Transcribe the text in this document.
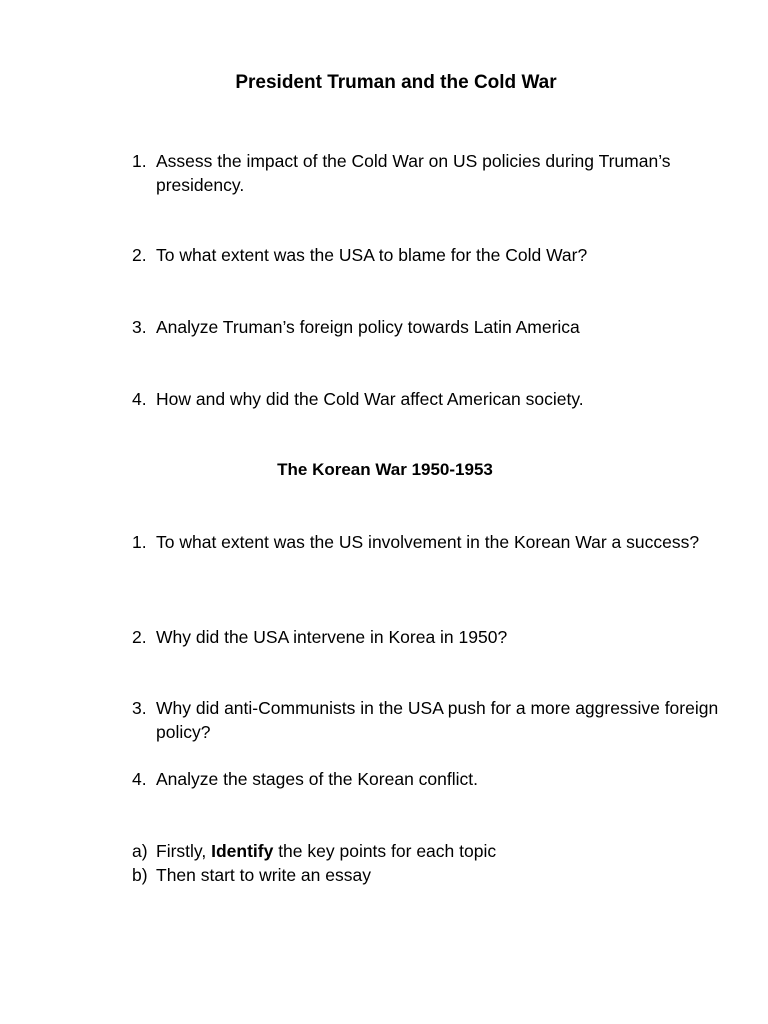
President Truman and the Cold War
1. Assess the impact of the Cold War on US policies during Truman’s presidency.
2. To what extent was the USA to blame for the Cold War?
3. Analyze Truman’s foreign policy towards Latin America
4. How and why did the Cold War affect American society.
The Korean War 1950-1953
1. To what extent was the US involvement in the Korean War a success?
2. Why did the USA intervene in Korea in 1950?
3. Why did anti-Communists in the USA push for a more aggressive foreign policy?
4. Analyze the stages of the Korean conflict.
a) Firstly, Identify the key points for each topic
b) Then start to write an essay
